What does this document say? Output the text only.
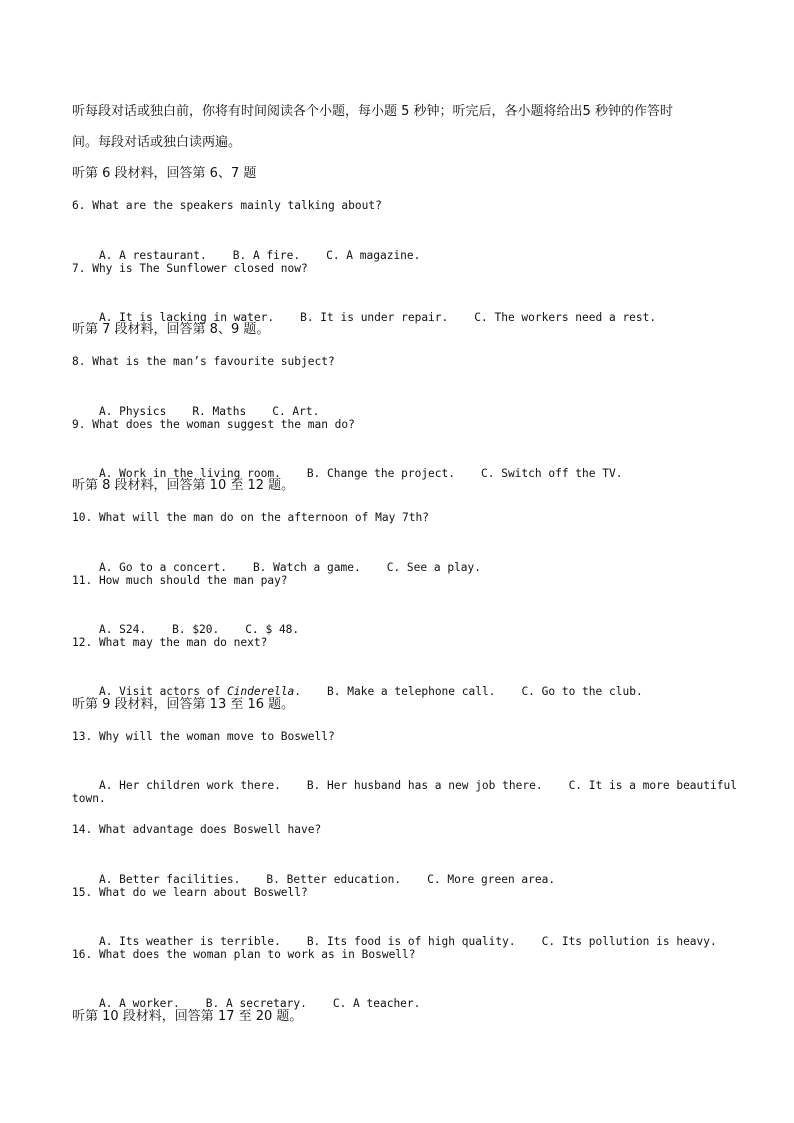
听每段对话或独白前，你将有时间阅读各个小题，每小题 5 秒钟；听完后，各小题将给出5 秒钟的作答时
间。每段对话或独白读两遍。
听第 6 段材料，回答第 6、7 题
6. What are the speakers mainly talking about?

A. A restaurant. B. A fire. C. A magazine.

7. Why is The Sunflower closed now?

A. It is lacking in water. B. It is under repair. C. The workers need a rest.

听第 7 段材料，回答第 8、9 题。
8. What is the man’s favourite subject?

A. Physics R. Maths C. Art.

9. What does the woman suggest the man do?

A. Work in the living room. B. Change the project. C. Switch off the TV.

听第 8 段材料，回答第 10 至 12 题。
10. What will the man do on the afternoon of May 7th?

A. Go to a concert. B. Watch a game. C. See a play.

11. How much should the man pay?

A. S24. B. $20. C. $ 48.

12. What may the man do next?

A. Visit actors of Cinderella. B. Make a telephone call. C. Go to the club.

听第 9 段材料，回答第 13 至 16 题。
13. Why will the woman move to Boswell?

A. Her children work there. B. Her husband has a new job there. C. It is a more beautiful

town.
14. What advantage does Boswell have?

A. Better facilities. B. Better education. C. More green area.

15. What do we learn about Boswell?

A. Its weather is terrible. B. Its food is of high quality. C. Its pollution is heavy.

16. What does the woman plan to work as in Boswell?

A. A worker. B. A secretary. C. A teacher.

听第 10 段材料，回答第 17 至 20 题。
